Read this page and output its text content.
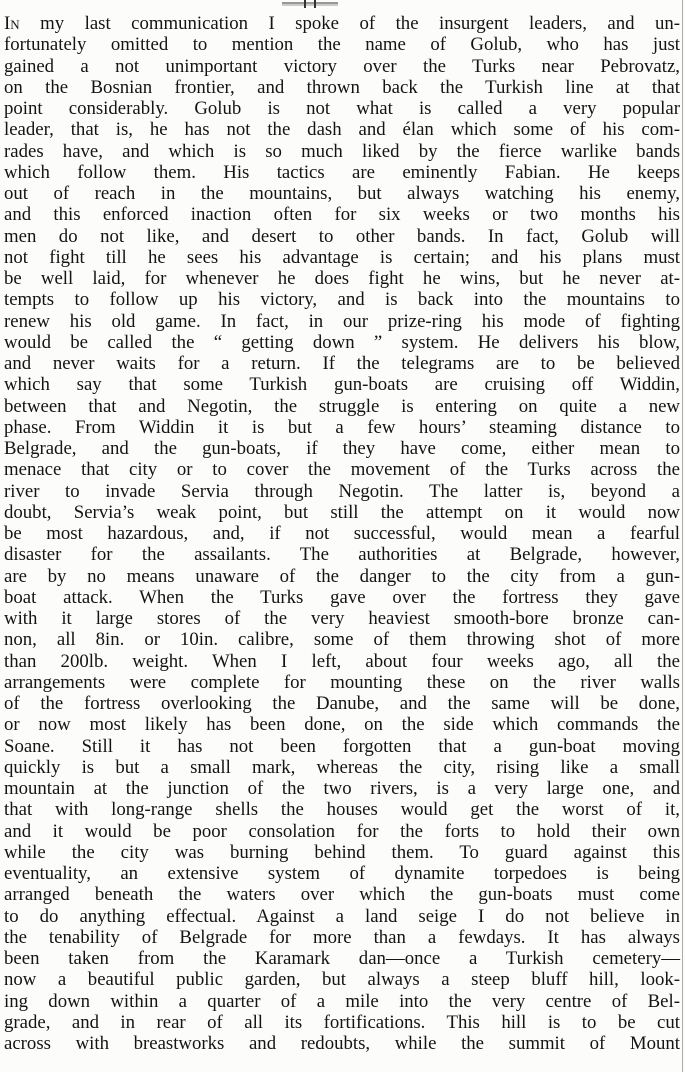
In my last communication I spoke of the insurgent leaders, and un-
fortunately omitted to mention the name of Golub, who has just
gained a not unimportant victory over the Turks near Pebrovatz,
on the Bosnian frontier, and thrown back the Turkish line at that
point considerably. Golub is not what is called a very popular
leader, that is, he has not the dash and élan which some of his com-
rades have, and which is so much liked by the fierce warlike bands
which follow them. His tactics are eminently Fabian. He keeps
out of reach in the mountains, but always watching his enemy,
and this enforced inaction often for six weeks or two months his
men do not like, and desert to other bands. In fact, Golub will
not fight till he sees his advantage is certain; and his plans must
be well laid, for whenever he does fight he wins, but he never at-
tempts to follow up his victory, and is back into the mountains to
renew his old game. In fact, in our prize-ring his mode of fighting
would be called the “ getting down ” system. He delivers his blow,
and never waits for a return. If the telegrams are to be believed
which say that some Turkish gun-boats are cruising off Widdin,
between that and Negotin, the struggle is entering on quite a new
phase. From Widdin it is but a few hours’ steaming distance to
Belgrade, and the gun-boats, if they have come, either mean to
menace that city or to cover the movement of the Turks across the
river to invade Servia through Negotin. The latter is, beyond a
doubt, Servia’s weak point, but still the attempt on it would now
be most hazardous, and, if not successful, would mean a fearful
disaster for the assailants. The authorities at Belgrade, however,
are by no means unaware of the danger to the city from a gun-
boat attack. When the Turks gave over the fortress they gave
with it large stores of the very heaviest smooth-bore bronze can-
non, all 8in. or 10in. calibre, some of them throwing shot of more
than 200lb. weight. When I left, about four weeks ago, all the
arrangements were complete for mounting these on the river walls
of the fortress overlooking the Danube, and the same will be done,
or now most likely has been done, on the side which commands the
Soane. Still it has not been forgotten that a gun-boat moving
quickly is but a small mark, whereas the city, rising like a small
mountain at the junction of the two rivers, is a very large one, and
that with long-range shells the houses would get the worst of it,
and it would be poor consolation for the forts to hold their own
while the city was burning behind them. To guard against this
eventuality, an extensive system of dynamite torpedoes is being
arranged beneath the waters over which the gun-boats must come
to do anything effectual. Against a land seige I do not believe in
the tenability of Belgrade for more than a fewdays. It has always
been taken from the Karamark dan—once a Turkish cemetery—
now a beautiful public garden, but always a steep bluff hill, look-
ing down within a quarter of a mile into the very centre of Bel-
grade, and in rear of all its fortifications. This hill is to be cut
across with breastworks and redoubts, while the summit of Mount
